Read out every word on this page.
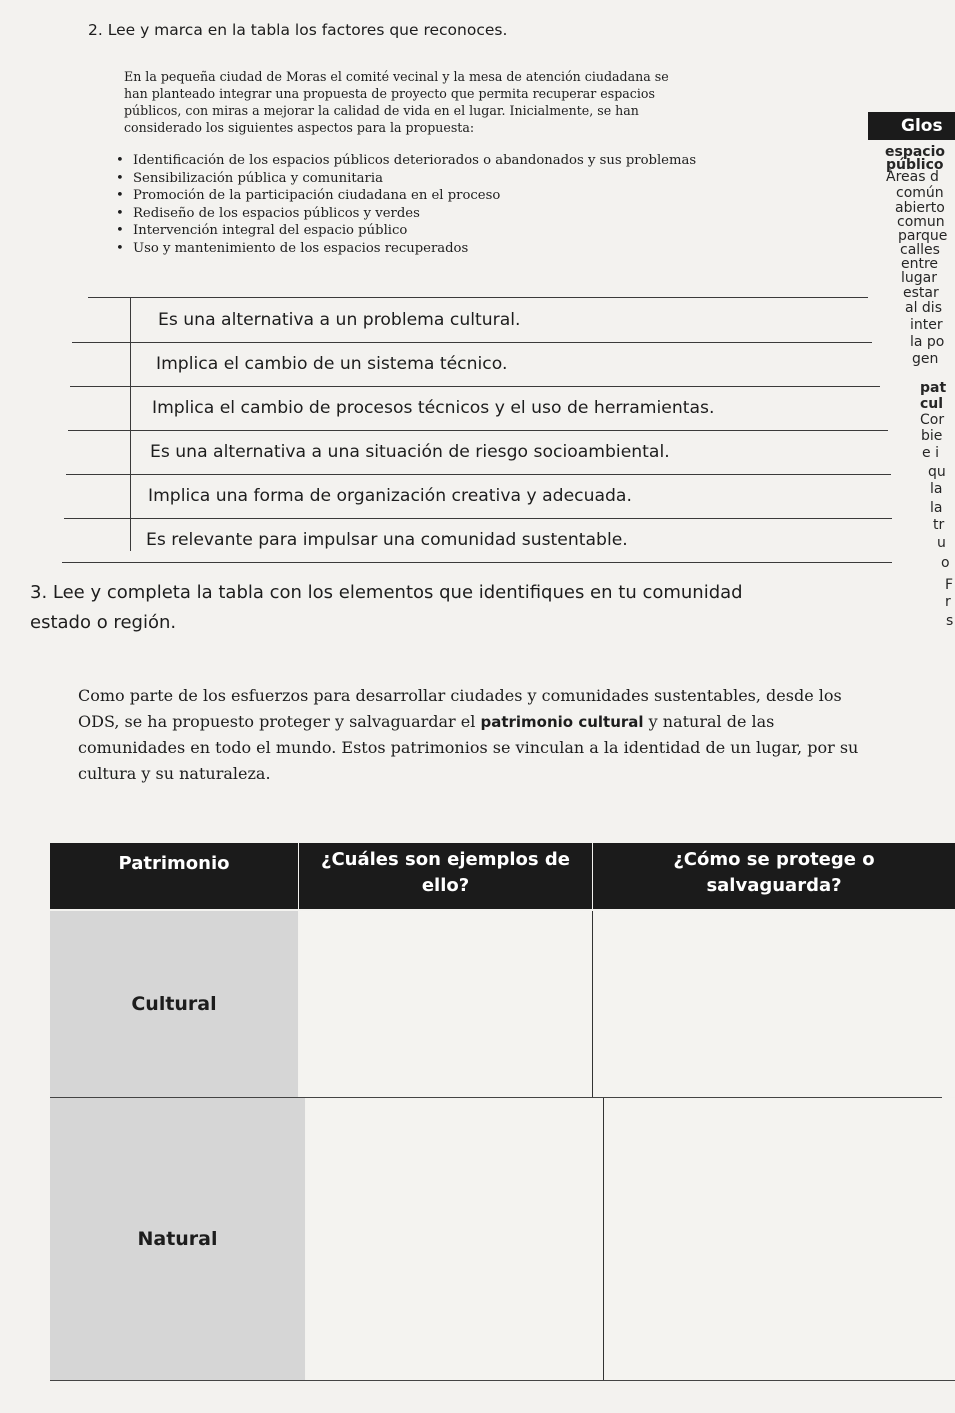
2. Lee y marca en la tabla los factores que reconoces.
En la pequeña ciudad de Moras el comité vecinal y la mesa de atención ciudadana se
han planteado integrar una propuesta de proyecto que permita recuperar espacios
públicos, con miras a mejorar la calidad de vida en el lugar. Inicialmente, se han
considerado los siguientes aspectos para la propuesta:
• Identificación de los espacios públicos deteriorados o abandonados y sus problemas
• Sensibilización pública y comunitaria
• Promoción de la participación ciudadana en el proceso
• Rediseño de los espacios públicos y verdes
• Intervención integral del espacio público
• Uso y mantenimiento de los espacios recuperados
Glos
espacio
público
Áreas d
común
abierto
comun
parque
calles
entre
lugar
estar
al dis
inter
la po
gen
pat
cul
Cor
bie
e i
qu
la
la
tr
u
o
F
r
s
Es una alternativa a un problema cultural.
Implica el cambio de un sistema técnico.
Implica el cambio de procesos técnicos y el uso de herramientas.
Es una alternativa a una situación de riesgo socioambiental.
Implica una forma de organización creativa y adecuada.
Es relevante para impulsar una comunidad sustentable.
3. Lee y completa la tabla con los elementos que identifiques en tu comunidad
estado o región.
Como parte de los esfuerzos para desarrollar ciudades y comunidades sustentables, desde los ODS, se ha propuesto proteger y salvaguardar el patrimonio cultural y natural de las comunidades en todo el mundo. Estos patrimonios se vinculan a la identidad de un lugar, por su cultura y su naturaleza.
Patrimonio	¿Cuáles son ejemplos de ello?
¿Cómo se protege o salvaguarda?
Cultural
Natural
